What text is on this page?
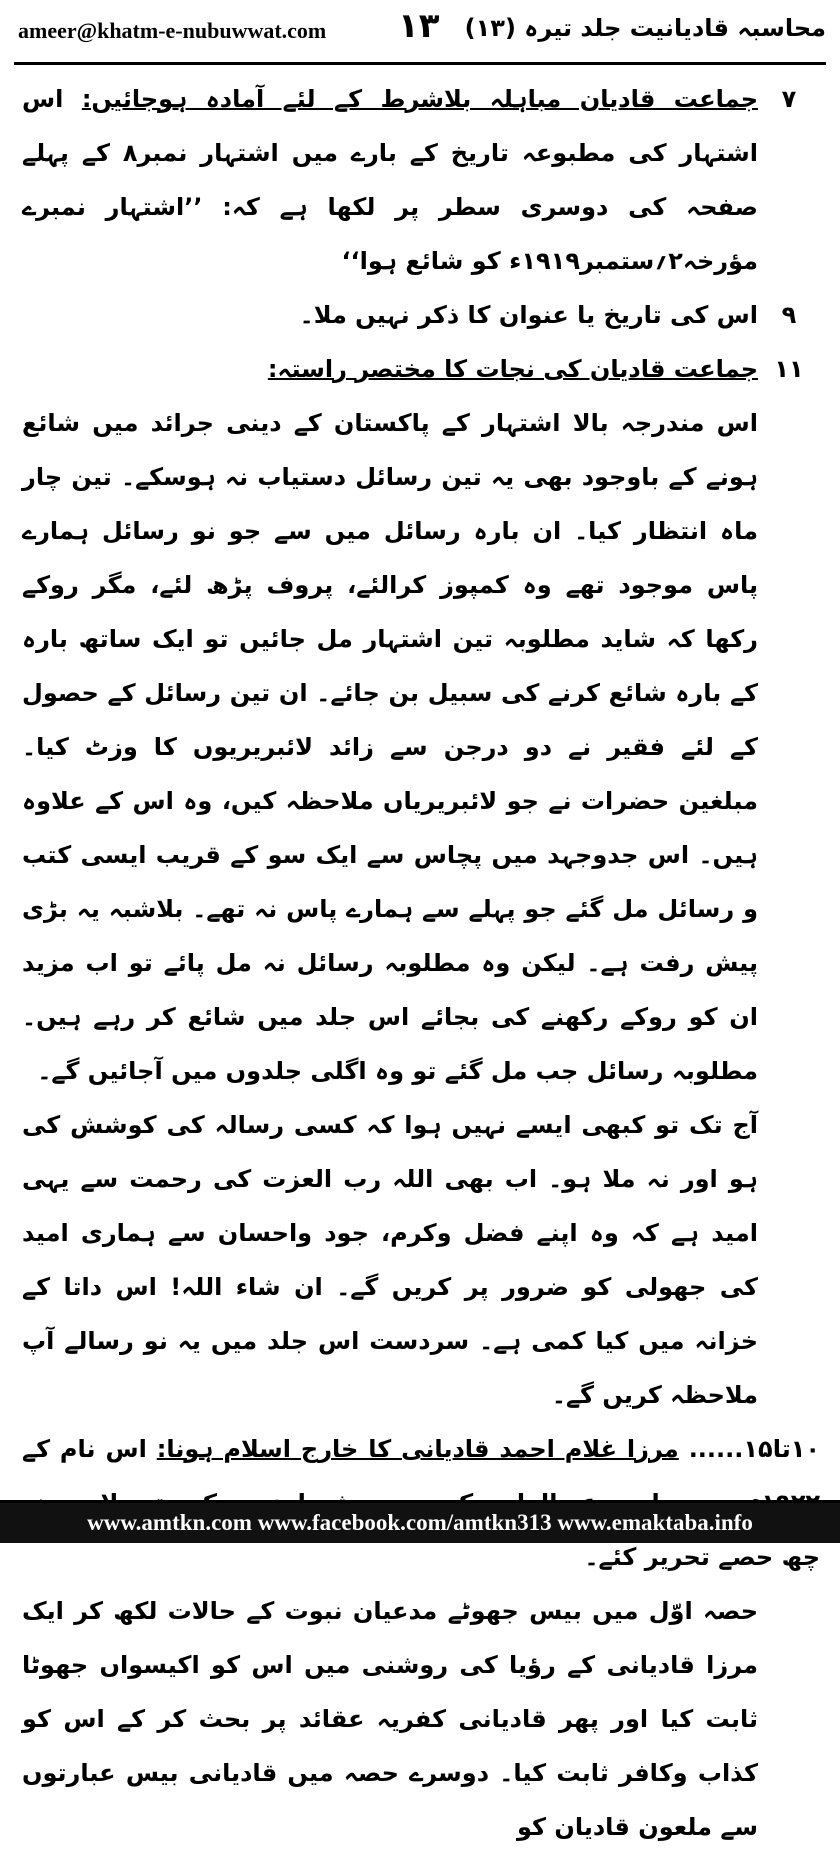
ameer@khatm-e-nubuwwat.com ۱۳ محاسبہ قادیانیت جلد تیرہ (۱۳)
۷

جماعت قادیان مباہلہ بلاشرط کے لئے آمادہ ہوجائیں: اس اشتہار کی مطبوعہ تاریخ کے بارے میں اشتہار نمبر۸ کے پہلے صفحہ کی دوسری سطر پر لکھا ہے کہ: ’’اشتہار نمبرے مؤرخہ۲؍ستمبر۱۹۱۹ء کو شائع ہوا‘‘

۹

اس کی تاریخ یا عنوان کا ذکر نہیں ملا۔

۱۱

جماعت قادیان کی نجات کا مختصر راستہ:

اس مندرجہ بالا اشتہار کے پاکستان کے دینی جرائد میں شائع ہونے کے باوجود بھی یہ تین رسائل دستیاب نہ ہوسکے۔ تین چار ماہ انتظار کیا۔ ان بارہ رسائل میں سے جو نو رسائل ہمارے پاس موجود تھے وہ کمپوز کرالئے، پروف پڑھ لئے، مگر روکے رکھا کہ شاید مطلوبہ تین اشتہار مل جائیں تو ایک ساتھ بارہ کے بارہ شائع کرنے کی سبیل بن جائے۔ ان تین رسائل کے حصول کے لئے فقیر نے دو درجن سے زائد لائبریریوں کا وزٹ کیا۔ مبلغین حضرات نے جو لائبریریاں ملاحظہ کیں، وہ اس کے علاوہ ہیں۔ اس جدوجہد میں پچاس سے ایک سو کے قریب ایسی کتب و رسائل مل گئے جو پہلے سے ہمارے پاس نہ تھے۔ بلاشبہ یہ بڑی پیش رفت ہے۔ لیکن وہ مطلوبہ رسائل نہ مل پائے تو اب مزید ان کو روکے رکھنے کی بجائے اس جلد میں شائع کر رہے ہیں۔ مطلوبہ رسائل جب مل گئے تو وہ اگلی جلدوں میں آجائیں گے۔

آج تک تو کبھی ایسے نہیں ہوا کہ کسی رسالہ کی کوشش کی ہو اور نہ ملا ہو۔ اب بھی اللہ رب العزت کی رحمت سے یہی امید ہے کہ وہ اپنے فضل وکرم، جود واحسان سے ہماری امید کی جھولی کو ضرور پر کریں گے۔ ان شاء اللہ! اس داتا کے خزانہ میں کیا کمی ہے۔ سردست اس جلد میں یہ نو رسالے آپ ملاحظہ کریں گے۔

۱۰تا۱۵...... مرزا غلام احمد قادیانی کا خارج اسلام ہونا: اس نام کے چھ حصے تحریر کئے۔

حصہ اوّل میں بیس جھوٹے مدعیان نبوت کے حالات لکھ کر ایک مرزا قادیانی کے رؤیا کی روشنی میں اس کو اکیسواں جھوٹا ثابت کیا اور پھر قادیانی کفریہ عقائد پر بحث کر کے اس کو کذاب وکافر ثابت کیا۔ دوسرے حصہ میں قادیانی بیس عبارتوں سے ملعون قادیان کو

www.amtkn.com www.facebook.com/amtkn313 www.emaktaba.info
